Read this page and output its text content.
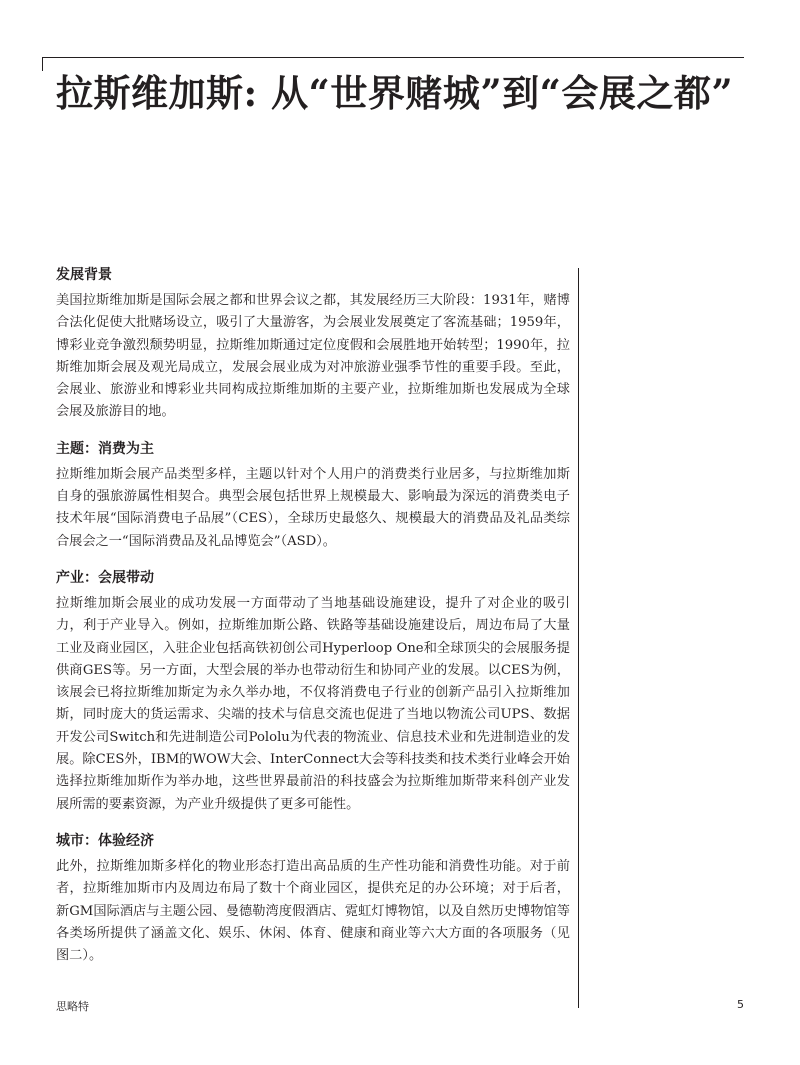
拉斯维加斯: 从“世界赌城”到“会展之都”
发展背景

美国拉斯维加斯是国际会展之都和世界会议之都，其发展经历三大阶段：1931年，赌博合法化促使大批赌场设立，吸引了大量游客，为会展业发展奠定了客流基础；1959年，博彩业竞争激烈颓势明显，拉斯维加斯通过定位度假和会展胜地开始转型；1990年，拉斯维加斯会展及观光局成立，发展会展业成为对冲旅游业强季节性的重要手段。至此，会展业、旅游业和博彩业共同构成拉斯维加斯的主要产业，拉斯维加斯也发展成为全球会展及旅游目的地。

主题：消费为主

拉斯维加斯会展产品类型多样，主题以针对个人用户的消费类行业居多，与拉斯维加斯自身的强旅游属性相契合。典型会展包括世界上规模最大、影响最为深远的消费类电子技术年展“国际消费电子品展”（CES），全球历史最悠久、规模最大的消费品及礼品类综合展会之一“国际消费品及礼品博览会”（ASD）。

产业：会展带动

拉斯维加斯会展业的成功发展一方面带动了当地基础设施建设，提升了对企业的吸引力，利于产业导入。例如，拉斯维加斯公路、铁路等基础设施建设后，周边布局了大量工业及商业园区，入驻企业包括高铁初创公司Hyperloop One和全球顶尖的会展服务提供商GES等。另一方面，大型会展的举办也带动衍生和协同产业的发展。以CES为例，该展会已将拉斯维加斯定为永久举办地，不仅将消费电子行业的创新产品引入拉斯维加斯，同时庞大的货运需求、尖端的技术与信息交流也促进了当地以物流公司UPS、数据开发公司Switch和先进制造公司Pololu为代表的物流业、信息技术业和先进制造业的发展。除CES外，IBM的WOW大会、InterConnect大会等科技类和技术类行业峰会开始选择拉斯维加斯作为举办地，这些世界最前沿的科技盛会为拉斯维加斯带来科创产业发展所需的要素资源，为产业升级提供了更多可能性。

城市：体验经济

此外，拉斯维加斯多样化的物业形态打造出高品质的生产性功能和消费性功能。对于前者，拉斯维加斯市内及周边布局了数十个商业园区，提供充足的办公环境；对于后者，新GM国际酒店与主题公园、曼德勒湾度假酒店、霓虹灯博物馆，以及自然历史博物馆等各类场所提供了涵盖文化、娱乐、休闲、体育、健康和商业等六大方面的各项服务（见图二）。

思略特	5
